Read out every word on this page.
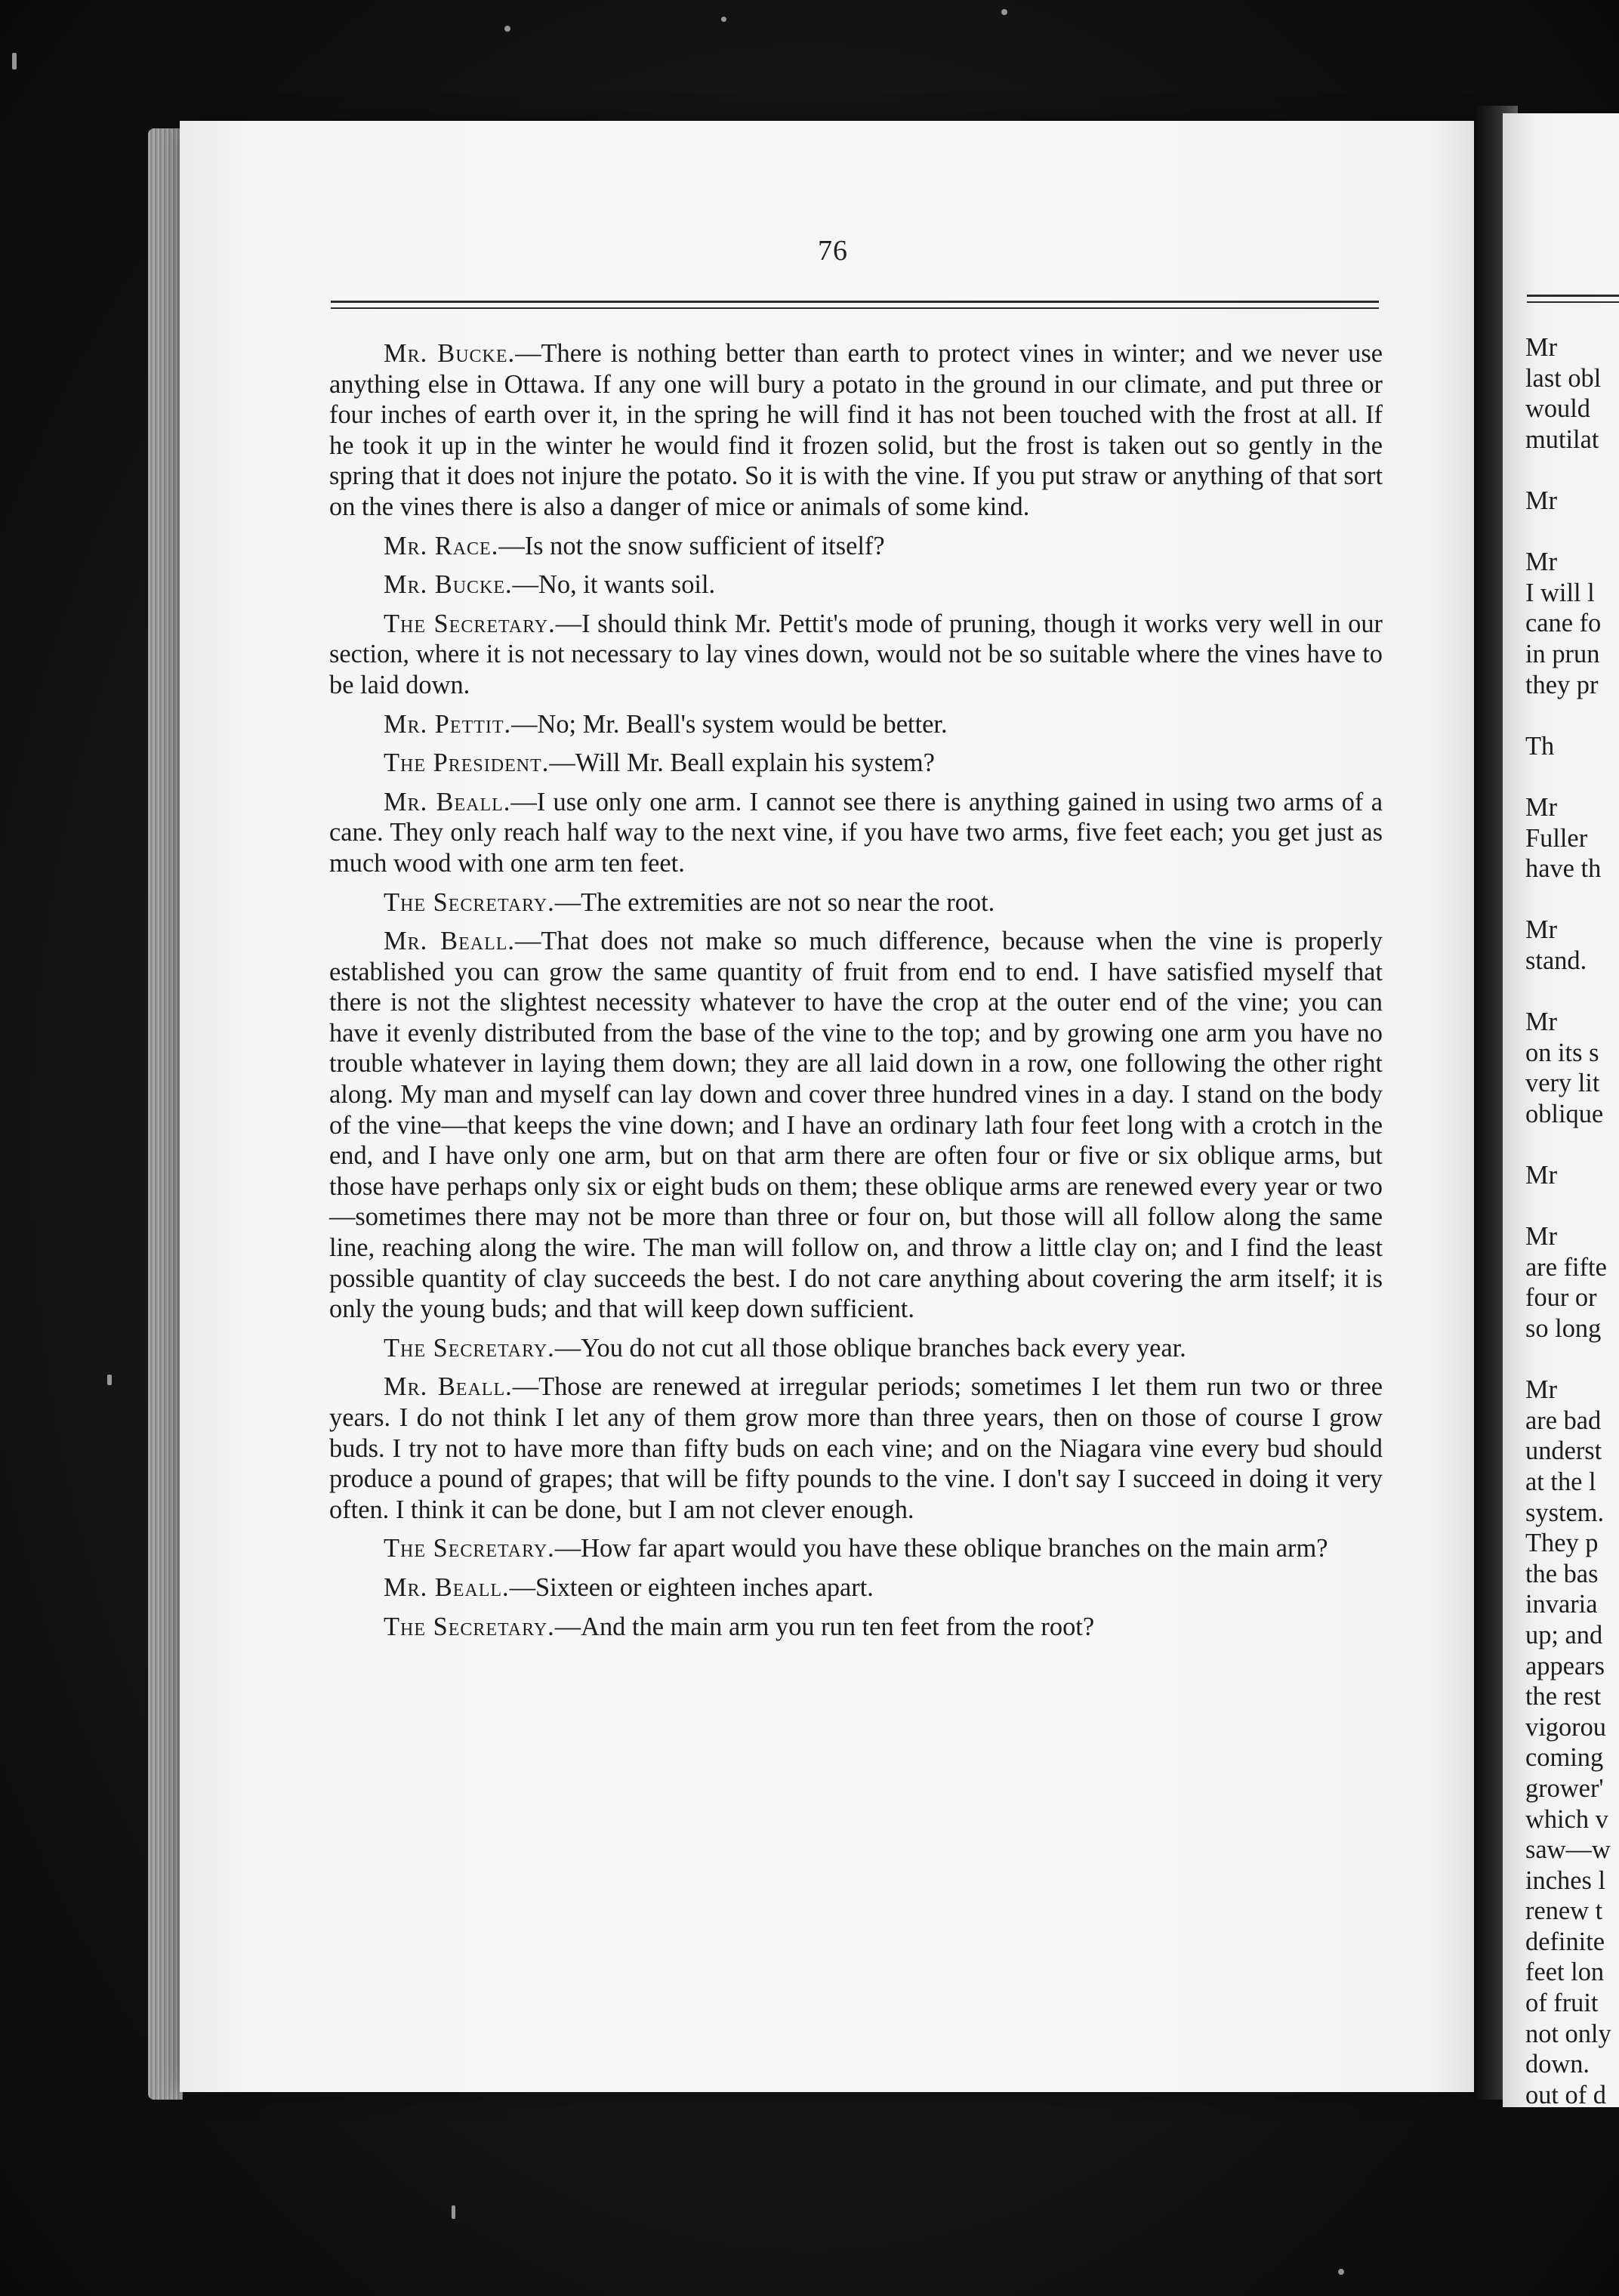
76

Mr. Bucke.—There is nothing better than earth to protect vines in winter; and we never use anything else in Ottawa. If any one will bury a potato in the ground in our climate, and put three or four inches of earth over it, in the spring he will find it has not been touched with the frost at all. If he took it up in the winter he would find it frozen solid, but the frost is taken out so gently in the spring that it does not injure the potato. So it is with the vine. If you put straw or anything of that sort on the vines there is also a danger of mice or animals of some kind.

Mr. Race.—Is not the snow sufficient of itself?

Mr. Bucke.—No, it wants soil.

The Secretary.—I should think Mr. Pettit's mode of pruning, though it works very well in our section, where it is not necessary to lay vines down, would not be so suitable where the vines have to be laid down.

Mr. Pettit.—No; Mr. Beall's system would be better.

The President.—Will Mr. Beall explain his system?

Mr. Beall.—I use only one arm. I cannot see there is anything gained in using two arms of a cane. They only reach half way to the next vine, if you have two arms, five feet each; you get just as much wood with one arm ten feet.

The Secretary.—The extremities are not so near the root.

Mr. Beall.—That does not make so much difference, because when the vine is properly established you can grow the same quantity of fruit from end to end. I have satisfied myself that there is not the slightest necessity whatever to have the crop at the outer end of the vine; you can have it evenly distributed from the base of the vine to the top; and by growing one arm you have no trouble whatever in laying them down; they are all laid down in a row, one following the other right along. My man and myself can lay down and cover three hundred vines in a day. I stand on the body of the vine—that keeps the vine down; and I have an ordinary lath four feet long with a crotch in the end, and I have only one arm, but on that arm there are often four or five or six oblique arms, but those have perhaps only six or eight buds on them; these oblique arms are renewed every year or two—sometimes there may not be more than three or four on, but those will all follow along the same line, reaching along the wire. The man will follow on, and throw a little clay on; and I find the least possible quantity of clay succeeds the best. I do not care anything about covering the arm itself; it is only the young buds; and that will keep down sufficient.

The Secretary.—You do not cut all those oblique branches back every year.

Mr. Beall.—Those are renewed at irregular periods; sometimes I let them run two or three years. I do not think I let any of them grow more than three years, then on those of course I grow buds. I try not to have more than fifty buds on each vine; and on the Niagara vine every bud should produce a pound of grapes; that will be fifty pounds to the vine. I don't say I succeed in doing it very often. I think it can be done, but I am not clever enough.

The Secretary.—How far apart would you have these oblique branches on the main arm?

Mr. Beall.—Sixteen or eighteen inches apart.

The Secretary.—And the main arm you run ten feet from the root?

Mr
last obl
would
mutilat

Mr

Mr
I will l
cane fo
in prun
they pr

Th

Mr
Fuller
have th

Mr
stand.

Mr
on its s
very lit
oblique

Mr

Mr
are fifte
four or
so long

Mr
are bad
underst
at the l
system.
They p
the bas
invaria
up; and
appears
the rest
vigorou
coming
grower'
which v
saw—w
inches l
renew t
definite
feet lon
of fruit
not only
down.
out of d
